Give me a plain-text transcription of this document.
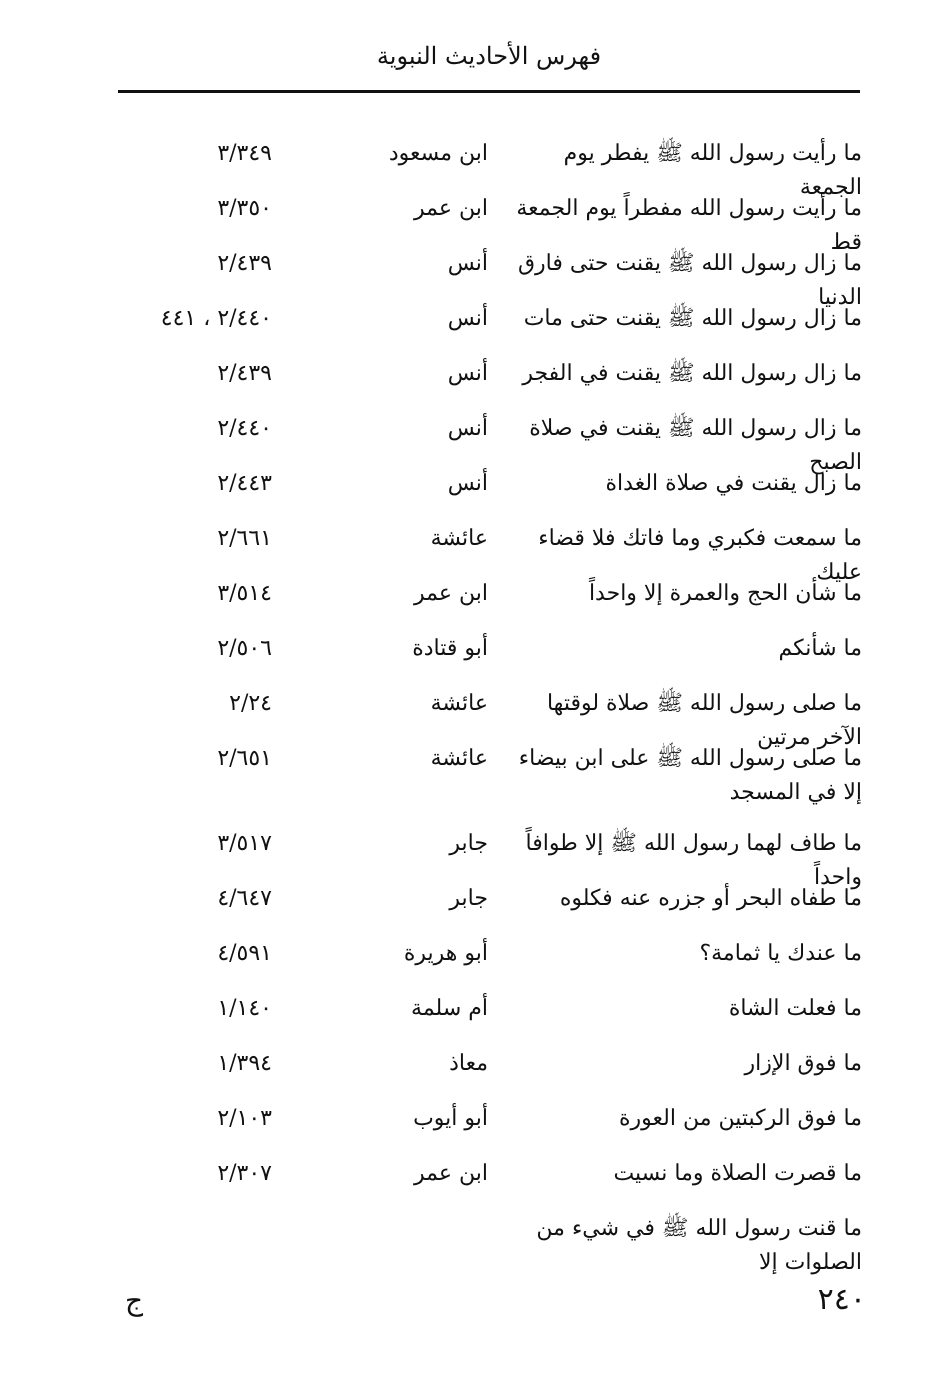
فهرس الأحاديث النبوية
ما رأيت رسول الله ﷺ يفطر يوم الجمعة
ابن مسعود
٣/٣٤٩
ما رأيت رسول الله مفطراً يوم الجمعة قط
ابن عمر
٣/٣٥٠
ما زال رسول الله ﷺ يقنت حتى فارق الدنيا
أنس
٢/٤٣٩
ما زال رسول الله ﷺ يقنت حتى مات
أنس
٢/٤٤٠ ، ٤٤١
ما زال رسول الله ﷺ يقنت في الفجر
أنس
٢/٤٣٩
ما زال رسول الله ﷺ يقنت في صلاة الصبح
أنس
٢/٤٤٠
ما زال يقنت في صلاة الغداة
أنس
٢/٤٤٣
ما سمعت فكبري وما فاتك فلا قضاء عليك
عائشة
٢/٦٦١
ما شأن الحج والعمرة إلا واحداً
ابن عمر
٣/٥١٤
ما شأنكم
أبو قتادة
٢/٥٠٦
ما صلى رسول الله ﷺ صلاة لوقتها الآخر مرتين
عائشة
٢/٢٤
ما صلى رسول الله ﷺ على ابن بيضاء إلا في المسجد
عائشة
٢/٦٥١
ما طاف لهما رسول الله ﷺ إلا طوافاً واحداً
جابر
٣/٥١٧
ما طفاه البحر أو جزره عنه فكلوه
جابر
٤/٦٤٧
ما عندك يا ثمامة؟
أبو هريرة
٤/٥٩١
ما فعلت الشاة
أم سلمة
١/١٤٠
ما فوق الإزار
معاذ
١/٣٩٤
ما فوق الركبتين من العورة
أبو أيوب
٢/١٠٣
ما قصرت الصلاة وما نسيت
ابن عمر
٢/٣٠٧
ما قنت رسول الله ﷺ في شيء من الصلوات إلا
٢٤٠
ج
